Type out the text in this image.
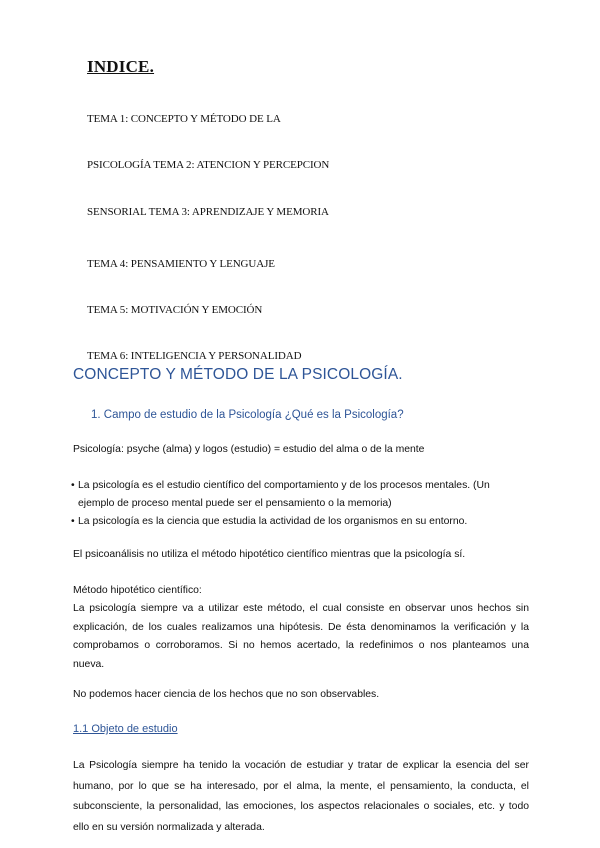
INDICE.
TEMA 1: CONCEPTO Y MÉTODO DE LA
PSICOLOGÍA TEMA 2: ATENCION Y PERCEPCION
SENSORIAL TEMA 3: APRENDIZAJE Y MEMORIA
TEMA 4: PENSAMIENTO Y LENGUAJE
TEMA 5: MOTIVACIÓN Y EMOCIÓN
TEMA 6: INTELIGENCIA Y PERSONALIDAD
CONCEPTO Y MÉTODO DE LA PSICOLOGÍA.
1. Campo de estudio de la Psicología ¿Qué es la Psicología?
Psicología: psyche (alma) y logos (estudio) = estudio del alma o de la mente
• La psicología es el estudio científico del comportamiento y de los procesos mentales. (Un ejemplo de proceso mental puede ser el pensamiento o la memoria)
• La psicología es la ciencia que estudia la actividad de los organismos en su entorno.
El psicoanálisis no utiliza el método hipotético científico mientras que la psicología sí.
Método hipotético científico:
La psicología siempre va a utilizar este método, el cual consiste en observar unos hechos sin explicación, de los cuales realizamos una hipótesis. De ésta denominamos la verificación y la comprobamos o corroboramos. Si no hemos acertado, la redefinimos o nos planteamos una nueva.
No podemos hacer ciencia de los hechos que no son observables.
1.1 Objeto de estudio
La Psicología siempre ha tenido la vocación de estudiar y tratar de explicar la esencia del ser humano, por lo que se ha interesado, por el alma, la mente, el pensamiento, la conducta, el subconsciente, la personalidad, las emociones, los aspectos relacionales o sociales, etc. y todo ello en su versión normalizada y alterada.
